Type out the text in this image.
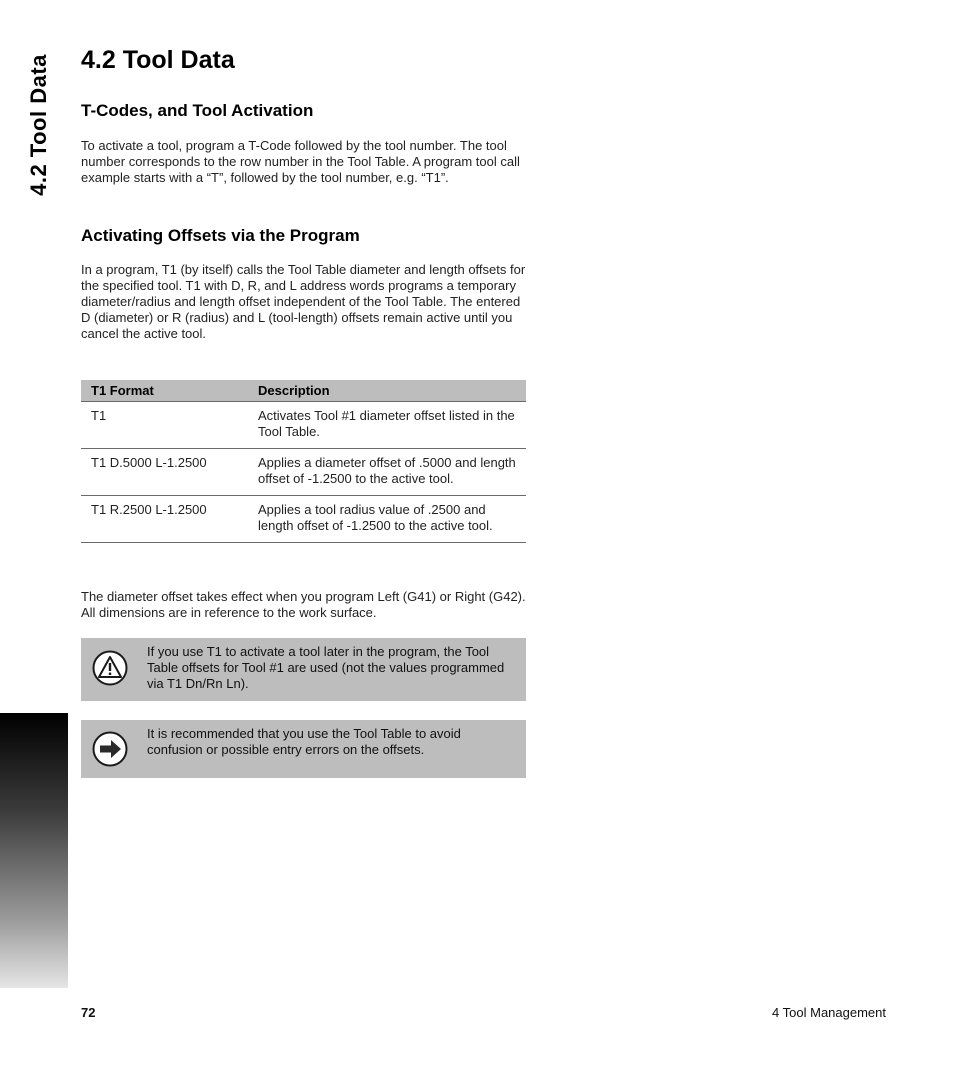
4.2 Tool Data 4.2 Tool Data
T-Codes, and Tool Activation

To activate a tool, program a T-Code followed by the tool number. The tool number corresponds to the row number in the Tool Table. A program tool call example starts with a “T”, followed by the tool number, e.g. “T1”.

Activating Offsets via the Program

In a program, T1 (by itself) calls the Tool Table diameter and length offsets for the specified tool. T1 with D, R, and L address words programs a temporary diameter/radius and length offset independent of the Tool Table. The entered D (diameter) or R (radius) and L (tool-length) offsets remain active until you cancel the active tool.

T1 Format	Description
T1	Activates Tool #1 diameter offset listed in the Tool Table.
T1 D.5000 L-1.2500	Applies a diameter offset of .5000 and length offset of -1.2500 to the active tool.
T1 R.2500 L-1.2500	Applies a tool radius value of .2500 and length offset of -1.2500 to the active tool.

The diameter offset takes effect when you program Left (G41) or Right (G42). All dimensions are in reference to the work surface.

If you use T1 to activate a tool later in the program, the Tool Table offsets for Tool #1 are used (not the values programmed via T1 Dn/Rn Ln).
It is recommended that you use the Tool Table to avoid confusion or possible entry errors on the offsets.
72	4 Tool Management
